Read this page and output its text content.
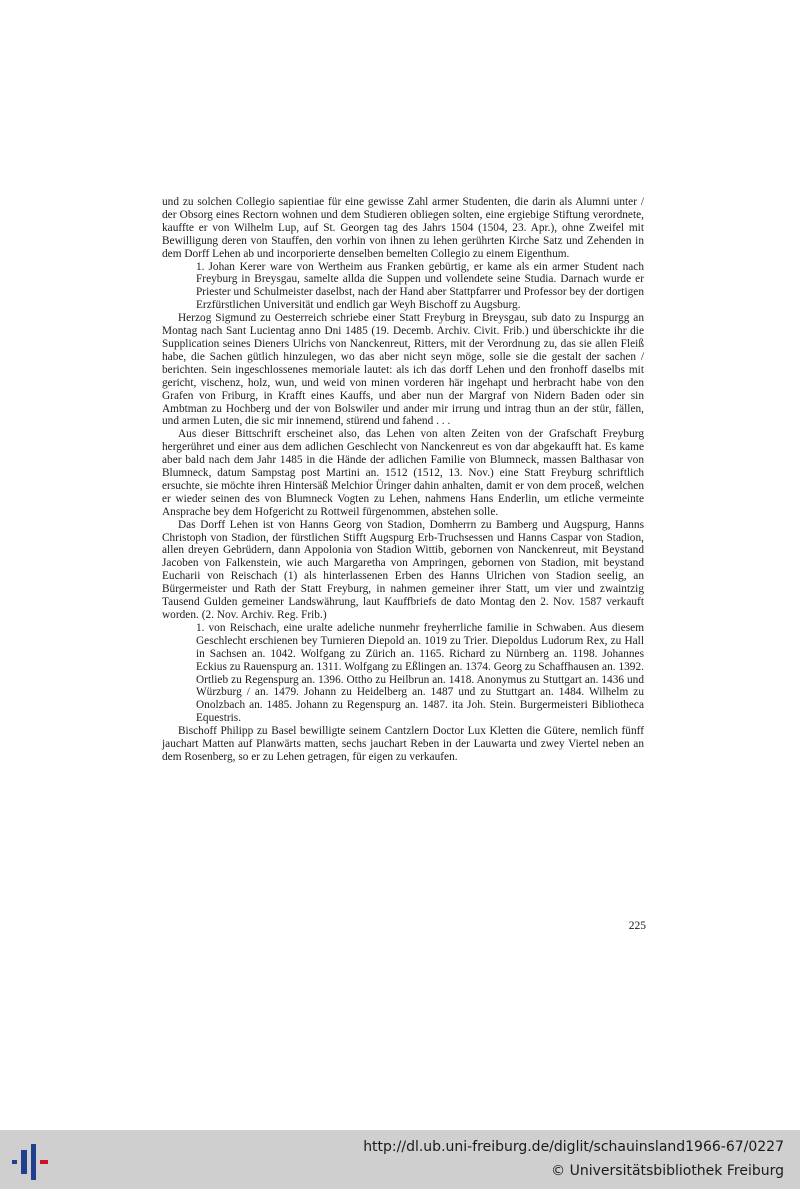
und zu solchen Collegio sapientiae für eine gewisse Zahl armer Studenten, die darin als Alumni unter / der Obsorg eines Rectorn wohnen und dem Studieren obliegen solten, eine ergiebige Stiftung verordnete, kauffte er von Wilhelm Lup, auf St. Georgen tag des Jahrs 1504 (1504, 23. Apr.), ohne Zweifel mit Bewilligung deren von Stauffen, den vorhin von ihnen zu lehen gerührten Kirche Satz und Zehenden in dem Dorff Lehen ab und incorporierte denselben bemelten Collegio zu einem Eigenthum.

1. Johan Kerer ware von Wertheim aus Franken gebürtig, er kame als ein armer Student nach Freyburg in Breysgau, samelte allda die Suppen und vollendete seine Studia. Darnach wurde er Priester und Schulmeister daselbst, nach der Hand aber Stattpfarrer und Professor bey der dortigen Erzfürstlichen Universität und endlich gar Weyh Bischoff zu Augsburg.

Herzog Sigmund zu Oesterreich schriebe einer Statt Freyburg in Breysgau, sub dato zu Inspurgg an Montag nach Sant Lucientag anno Dni 1485 (19. Decemb. Archiv. Civit. Frib.) und überschickte ihr die Supplication seines Dieners Ulrichs von Nanckenreut, Ritters, mit der Verordnung zu, das sie allen Fleiß habe, die Sachen gütlich hinzulegen, wo das aber nicht seyn möge, solle sie die gestalt der sachen / berichten. Sein ingeschlossenes memoriale lautet: als ich das dorff Lehen und den fronhoff daselbs mit gericht, vischenz, holz, wun, und weid von minen vorderen här ingehapt und herbracht habe von den Grafen von Friburg, in Krafft eines Kauffs, und aber nun der Margraf von Nidern Baden oder sin Ambtman zu Hochberg und der von Bolswiler und ander mir irrung und intrag thun an der stür, fällen, und armen Luten, die sic mir innemend, stürend und fahend . . .

Aus dieser Bittschrift erscheinet also, das Lehen von alten Zeiten von der Grafschaft Freyburg hergerühret und einer aus dem adlichen Geschlecht von Nanckenreut es von dar abgekaufft hat. Es kame aber bald nach dem Jahr 1485 in die Hände der adlichen Familie von Blumneck, massen Balthasar von Blumneck, datum Sampstag post Martini an. 1512 (1512, 13. Nov.) eine Statt Freyburg schriftlich ersuchte, sie möchte ihren Hintersäß Melchior Üringer dahin anhalten, damit er von dem proceß, welchen er wieder seinen des von Blumneck Vogten zu Lehen, nahmens Hans Enderlin, um etliche vermeinte Ansprache bey dem Hofgericht zu Rottweil fürgenommen, abstehen solle.

Das Dorff Lehen ist von Hanns Georg von Stadion, Domherrn zu Bamberg und Augspurg, Hanns Christoph von Stadion, der fürstlichen Stifft Augspurg Erb-Truchsessen und Hanns Caspar von Stadion, allen dreyen Gebrüdern, dann Appolonia von Stadion Wittib, gebornen von Nanckenreut, mit Beystand Jacoben von Falkenstein, wie auch Margaretha von Ampringen, gebornen von Stadion, mit beystand Eucharii von Reischach (1) als hinterlassenen Erben des Hanns Ulrichen von Stadion seelig, an Bürgermeister und Rath der Statt Freyburg, in nahmen gemeiner ihrer Statt, um vier und zwaintzig Tausend Gulden gemeiner Landswährung, laut Kauffbriefs de dato Montag den 2. Nov. 1587 verkauft worden. (2. Nov. Archiv. Reg. Frib.)

1. von Reischach, eine uralte adeliche nunmehr freyherrliche familie in Schwaben. Aus diesem Geschlecht erschienen bey Turnieren Diepold an. 1019 zu Trier. Diepoldus Ludorum Rex, zu Hall in Sachsen an. 1042. Wolfgang zu Zürich an. 1165. Richard zu Nürnberg an. 1198. Johannes Eckius zu Rauenspurg an. 1311. Wolfgang zu Eßlingen an. 1374. Georg zu Schaffhausen an. 1392. Ortlieb zu Regenspurg an. 1396. Ottho zu Heilbrun an. 1418. Anonymus zu Stuttgart an. 1436 und Würzburg / an. 1479. Johann zu Heidelberg an. 1487 und zu Stuttgart an. 1484. Wilhelm zu Onolzbach an. 1485. Johann zu Regenspurg an. 1487. ita Joh. Stein. Burgermeisteri Bibliotheca Equestris.

Bischoff Philipp zu Basel bewilligte seinem Cantzlern Doctor Lux Kletten die Gütere, nemlich fünff jauchart Matten auf Planwärts matten, sechs jauchart Reben in der Lauwarta und zwey Viertel neben an dem Rosenberg, so er zu Lehen getragen, für eigen zu verkaufen.

225
http://dl.ub.uni-freiburg.de/diglit/schauinsland1966-67/0227
© Universitätsbibliothek Freiburg
